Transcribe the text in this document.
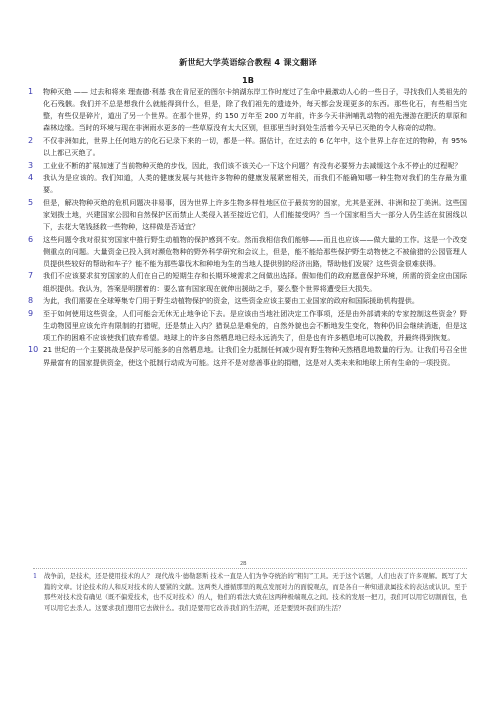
新世纪大学英语综合教程 4 课文翻译
1B
1 物种灭绝 —— 过去和将来 理查德·利基 我在肯尼亚的图尔卡纳湖东岸工作时度过了生命中最激动人心的一些日子，寻找我们人类祖先的化石残骸。我们并不总是想我什么就能得到什么，但是，除了我们祖先的遗迹外，每天都会发现更多的东西。那些化石，有些相当完整，有些仅是碎片，道出了另一个世界。在那个世界，约 150 万年至 200 万年前，许多今天非洲哺乳动物的祖先漫游在肥沃的草原和森林边缘。当时的环境与现在非洲雨水更多的一些草原没有太大区别，但那里当时到处生活着今天早已灭绝的令人称奇的动物。

2 不仅非洲如此，世界上任何地方的化石记录下来的一切，都是一样。据估计，在过去的 6 亿年中，这个世界上存在过的物种，有 95%以上都已灭绝了。

3 工业业不断的扩展加速了当前物种灭绝的步伐，因此，我们该不该关心一下这个问题？有没有必要努力去减缓这个永不停止的过程呢？

4 我认为是应该的。我们知道，人类的健康发展与其他许多物种的健康发展紧密相关，而我们不能确知哪一种生物对我们的生存最为重要。

5 但是，解决物种灭绝的危机问题决非易事，因为世界上许多生物多样性地区位于最贫穷的国家，尤其是亚洲、非洲和拉丁美洲。这些国家划拨土地，兴建国家公园和自然保护区而禁止人类侵入甚至接近它们，人们能接受吗？当一个国家相当大一部分人仍生活在贫困线以下，去花大笔钱拯救一些物种，这样做是否适宜？

6 这些问题令我对很贫穷国家中推行野生动植物的保护感到不安。然而我相信我们能够——而且也应该——做大量的工作。这是一个改变侧重点的问题。大量资金已投入到对濒危物种的野外科学研究和会议上，但是，能不能给那些保护野生动物使之不被偷猎的公园管理人员提供些较好的帮助和车子？能不能为那些靠伐木和种地为生的当地人提供别的经济出路，帮助他们发展？这些资金很难获得。

7 我们不应该要求贫穷国家的人们在自己的短期生存和长期环境需求之间做出选择。假如他们的政府愿意保护环境，所需的资金应由国际组织提供。我认为，答案是明摆着的：要么富有国家现在就伸出援助之手，要么整个世界将遭受巨大损失。

8 为此，我们需要在全球筹集专门用于野生动植物保护的资金，这些资金应该主要由工业国家的政府和国际援助机构提供。

9 至于如何使用这些资金，人们可能会无休无止地争论下去。是应该由当地社团决定工作事项，还是由外部请来的专家控制这些资金？野生动物园里应该允许有限制的打猎呢，还是禁止入内？猎误总是难免的，自然外貌也会不断地发生变化，物种仍旧会继续消逝，但是这项工作的困难不应该使我们放弃希望。地球上的许多自然栖息地已经永远消失了，但是也有许多栖息地可以挽救，并最终得到恢复。

10 21 世纪的一个主要挑战是保护尽可能多的自然栖息地。让我们全力抵制任何减少现有野生物种天然栖息地数量的行为。让我们号召全世界最富有的国家提供资金，使这个抵制行动成为可能。这并不是对慈善事业的捐赠，这是对人类未来和地球上所有生命的一项投资。

2B
1 战争前，是技术，还是使用技术的人？ 现代战斗·德勒瑟斯 技术一直是人们为争夺统治的“粗钉”工具。无于这个话题，人们也表了许多观解。既写了大篇的文章。讨论技术的人和反对技术的人要紧的文献。这两类人遵循那里的观点发展对力的面貌观点，而是各自一种知道隶属技术的表达或认识。至于那些对技术没有确见（既不偏爱技术，也不反对技术）的人，他们的看法大致在这两种极端观点之间。技术的发展一把刀，我们可以用它切割面包，也可以用它去杀人。这要求我们想用它去做什么。我们是要用它改善我们的生活呢，还是要毁坏我们的生活？
